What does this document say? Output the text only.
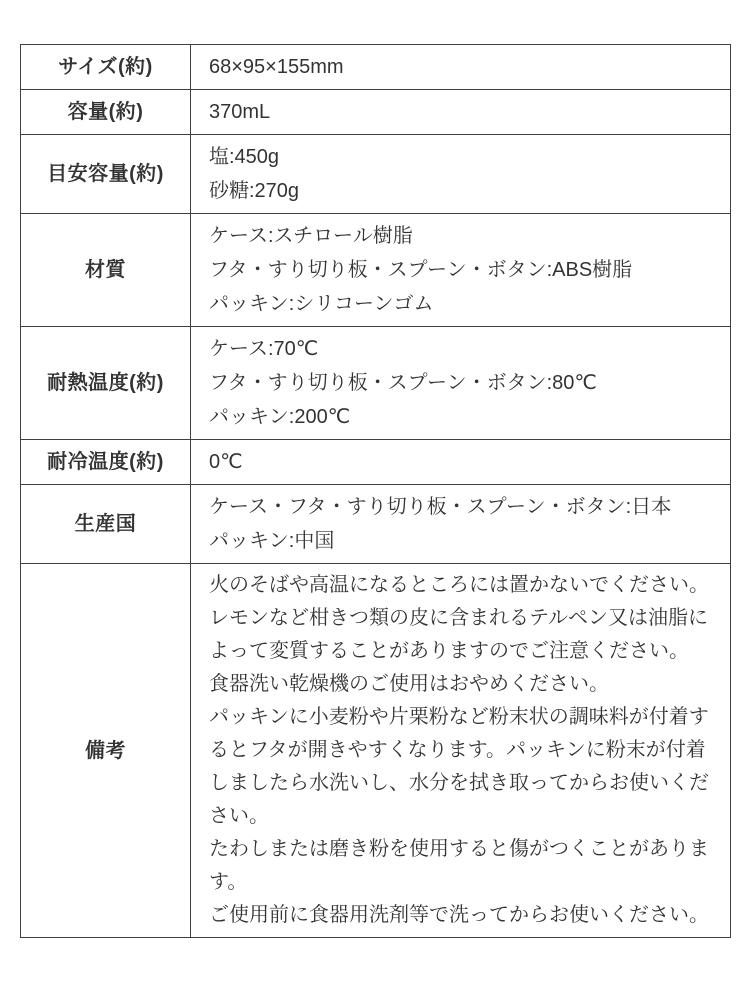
サイズ(約)	68×95×155mm

容量(約)	370mL

目安容量(約)	塩:450g
砂糖:270g

材質	ケース:スチロール樹脂
フタ・すり切り板・スプーン・ボタン:ABS樹脂
パッキン:シリコーンゴム

耐熱温度(約)	ケース:70℃
フタ・すり切り板・スプーン・ボタン:80℃
パッキン:200℃

耐冷温度(約)	0℃

生産国	ケース・フタ・すり切り板・スプーン・ボタン:日本
パッキン:中国

備考	
火のそばや高温になるところには置かないでください。
レモンなど柑きつ類の皮に含まれるテルペン又は油脂によって変質することがありますのでご注意ください。
食器洗い乾燥機のご使用はおやめください。
パッキンに小麦粉や片栗粉など粉末状の調味料が付着するとフタが開きやすくなります。パッキンに粉末が付着しましたら水洗いし、水分を拭き取ってからお使いください。
たわしまたは磨き粉を使用すると傷がつくことがあります。
ご使用前に食器用洗剤等で洗ってからお使いください。
